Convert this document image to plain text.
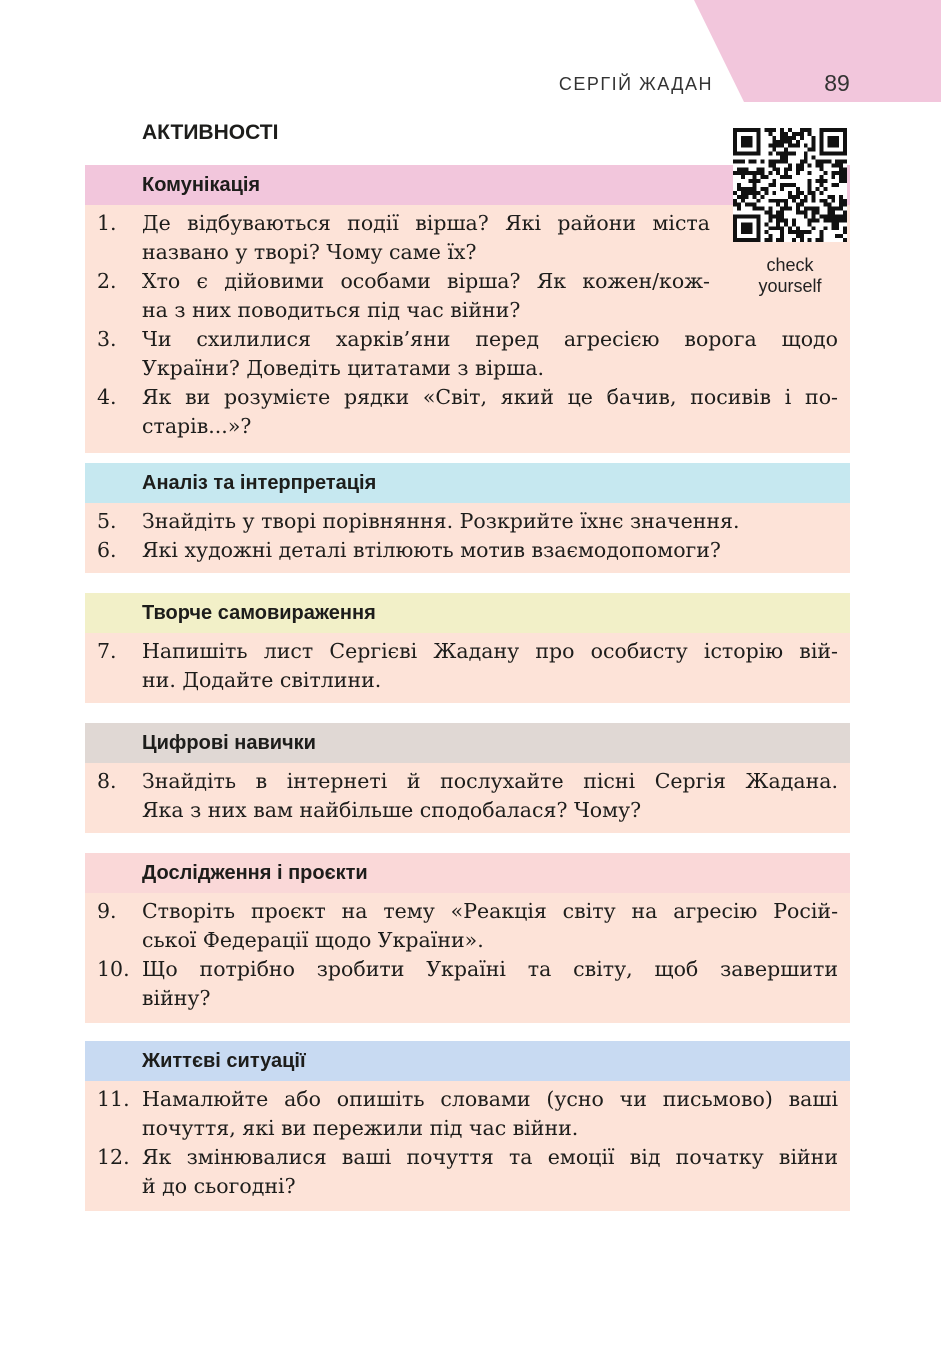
СЕРГІЙ ЖАДАН	89
АКТИВНОСТІ
check
yourself
Комунікація
1. Де відбуваються події вірша? Які райони міста
названо у творі? Чому саме їх?
2. Хто є дійовими особами вірша? Як кожен/кож-
на з них поводиться під час війни?
3. Чи схилилися харків’яни перед агресією ворога щодо
України? Доведіть цитатами з вірша.
4. Як ви розумієте рядки «Світ, який це бачив, посивів і по-
старів...»?
Аналіз та інтерпретація
5. Знайдіть у творі порівняння. Розкрийте їхнє значення.
6. Які художні деталі втілюють мотив взаємодопомоги?
Творче самовираження
7. Напишіть лист Сергієві Жадану про особисту історію вій-
ни. Додайте світлини.
Цифрові навички
8. Знайдіть в інтернеті й послухайте пісні Сергія Жадана.
Яка з них вам найбільше сподобалася? Чому?
Дослідження і проєкти
9. Створіть проєкт на тему «Реакція світу на агресію Росій-
ської Федерації щодо України».
10. Що потрібно зробити Україні та світу, щоб завершити
війну?
Життєві ситуації
11. Намалюйте або опишіть словами (усно чи письмово) ваші
почуття, які ви пережили під час війни.
12. Як змінювалися ваші почуття та емоції від початку війни
й до сьогодні?
